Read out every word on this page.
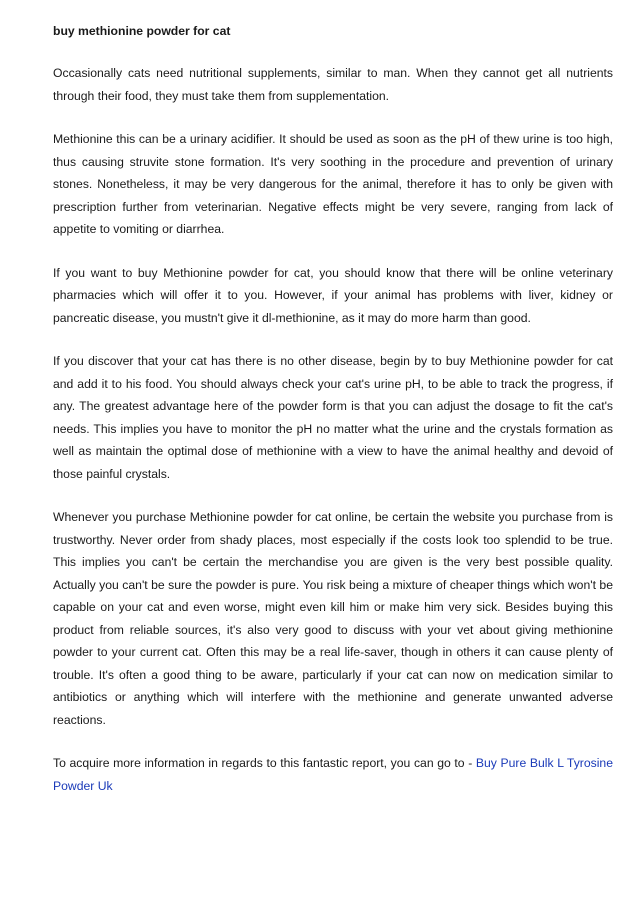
buy methionine powder for cat

Occasionally cats need nutritional supplements, similar to man. When they cannot get all nutrients through their food, they must take them from supplementation.

Methionine this can be a urinary acidifier. It should be used as soon as the pH of thew urine is too high, thus causing struvite stone formation. It's very soothing in the procedure and prevention of urinary stones. Nonetheless, it may be very dangerous for the animal, therefore it has to only be given with prescription further from veterinarian. Negative effects might be very severe, ranging from lack of appetite to vomiting or diarrhea.

If you want to buy Methionine powder for cat, you should know that there will be online veterinary pharmacies which will offer it to you. However, if your animal has problems with liver, kidney or pancreatic disease, you mustn't give it dl-methionine, as it may do more harm than good.

If you discover that your cat has there is no other disease, begin by to buy Methionine powder for cat and add it to his food. You should always check your cat's urine pH, to be able to track the progress, if any. The greatest advantage here of the powder form is that you can adjust the dosage to fit the cat's needs. This implies you have to monitor the pH no matter what the urine and the crystals formation as well as maintain the optimal dose of methionine with a view to have the animal healthy and devoid of those painful crystals.

Whenever you purchase Methionine powder for cat online, be certain the website you purchase from is trustworthy. Never order from shady places, most especially if the costs look too splendid to be true. This implies you can't be certain the merchandise you are given is the very best possible quality. Actually you can't be sure the powder is pure. You risk being a mixture of cheaper things which won't be capable on your cat and even worse, might even kill him or make him very sick. Besides buying this product from reliable sources, it's also very good to discuss with your vet about giving methionine powder to your current cat. Often this may be a real life-saver, though in others it can cause plenty of trouble. It's often a good thing to be aware, particularly if your cat can now on medication similar to antibiotics or anything which will interfere with the methionine and generate unwanted adverse reactions.

To acquire more information in regards to this fantastic report, you can go to - Buy Pure Bulk L Tyrosine Powder Uk
